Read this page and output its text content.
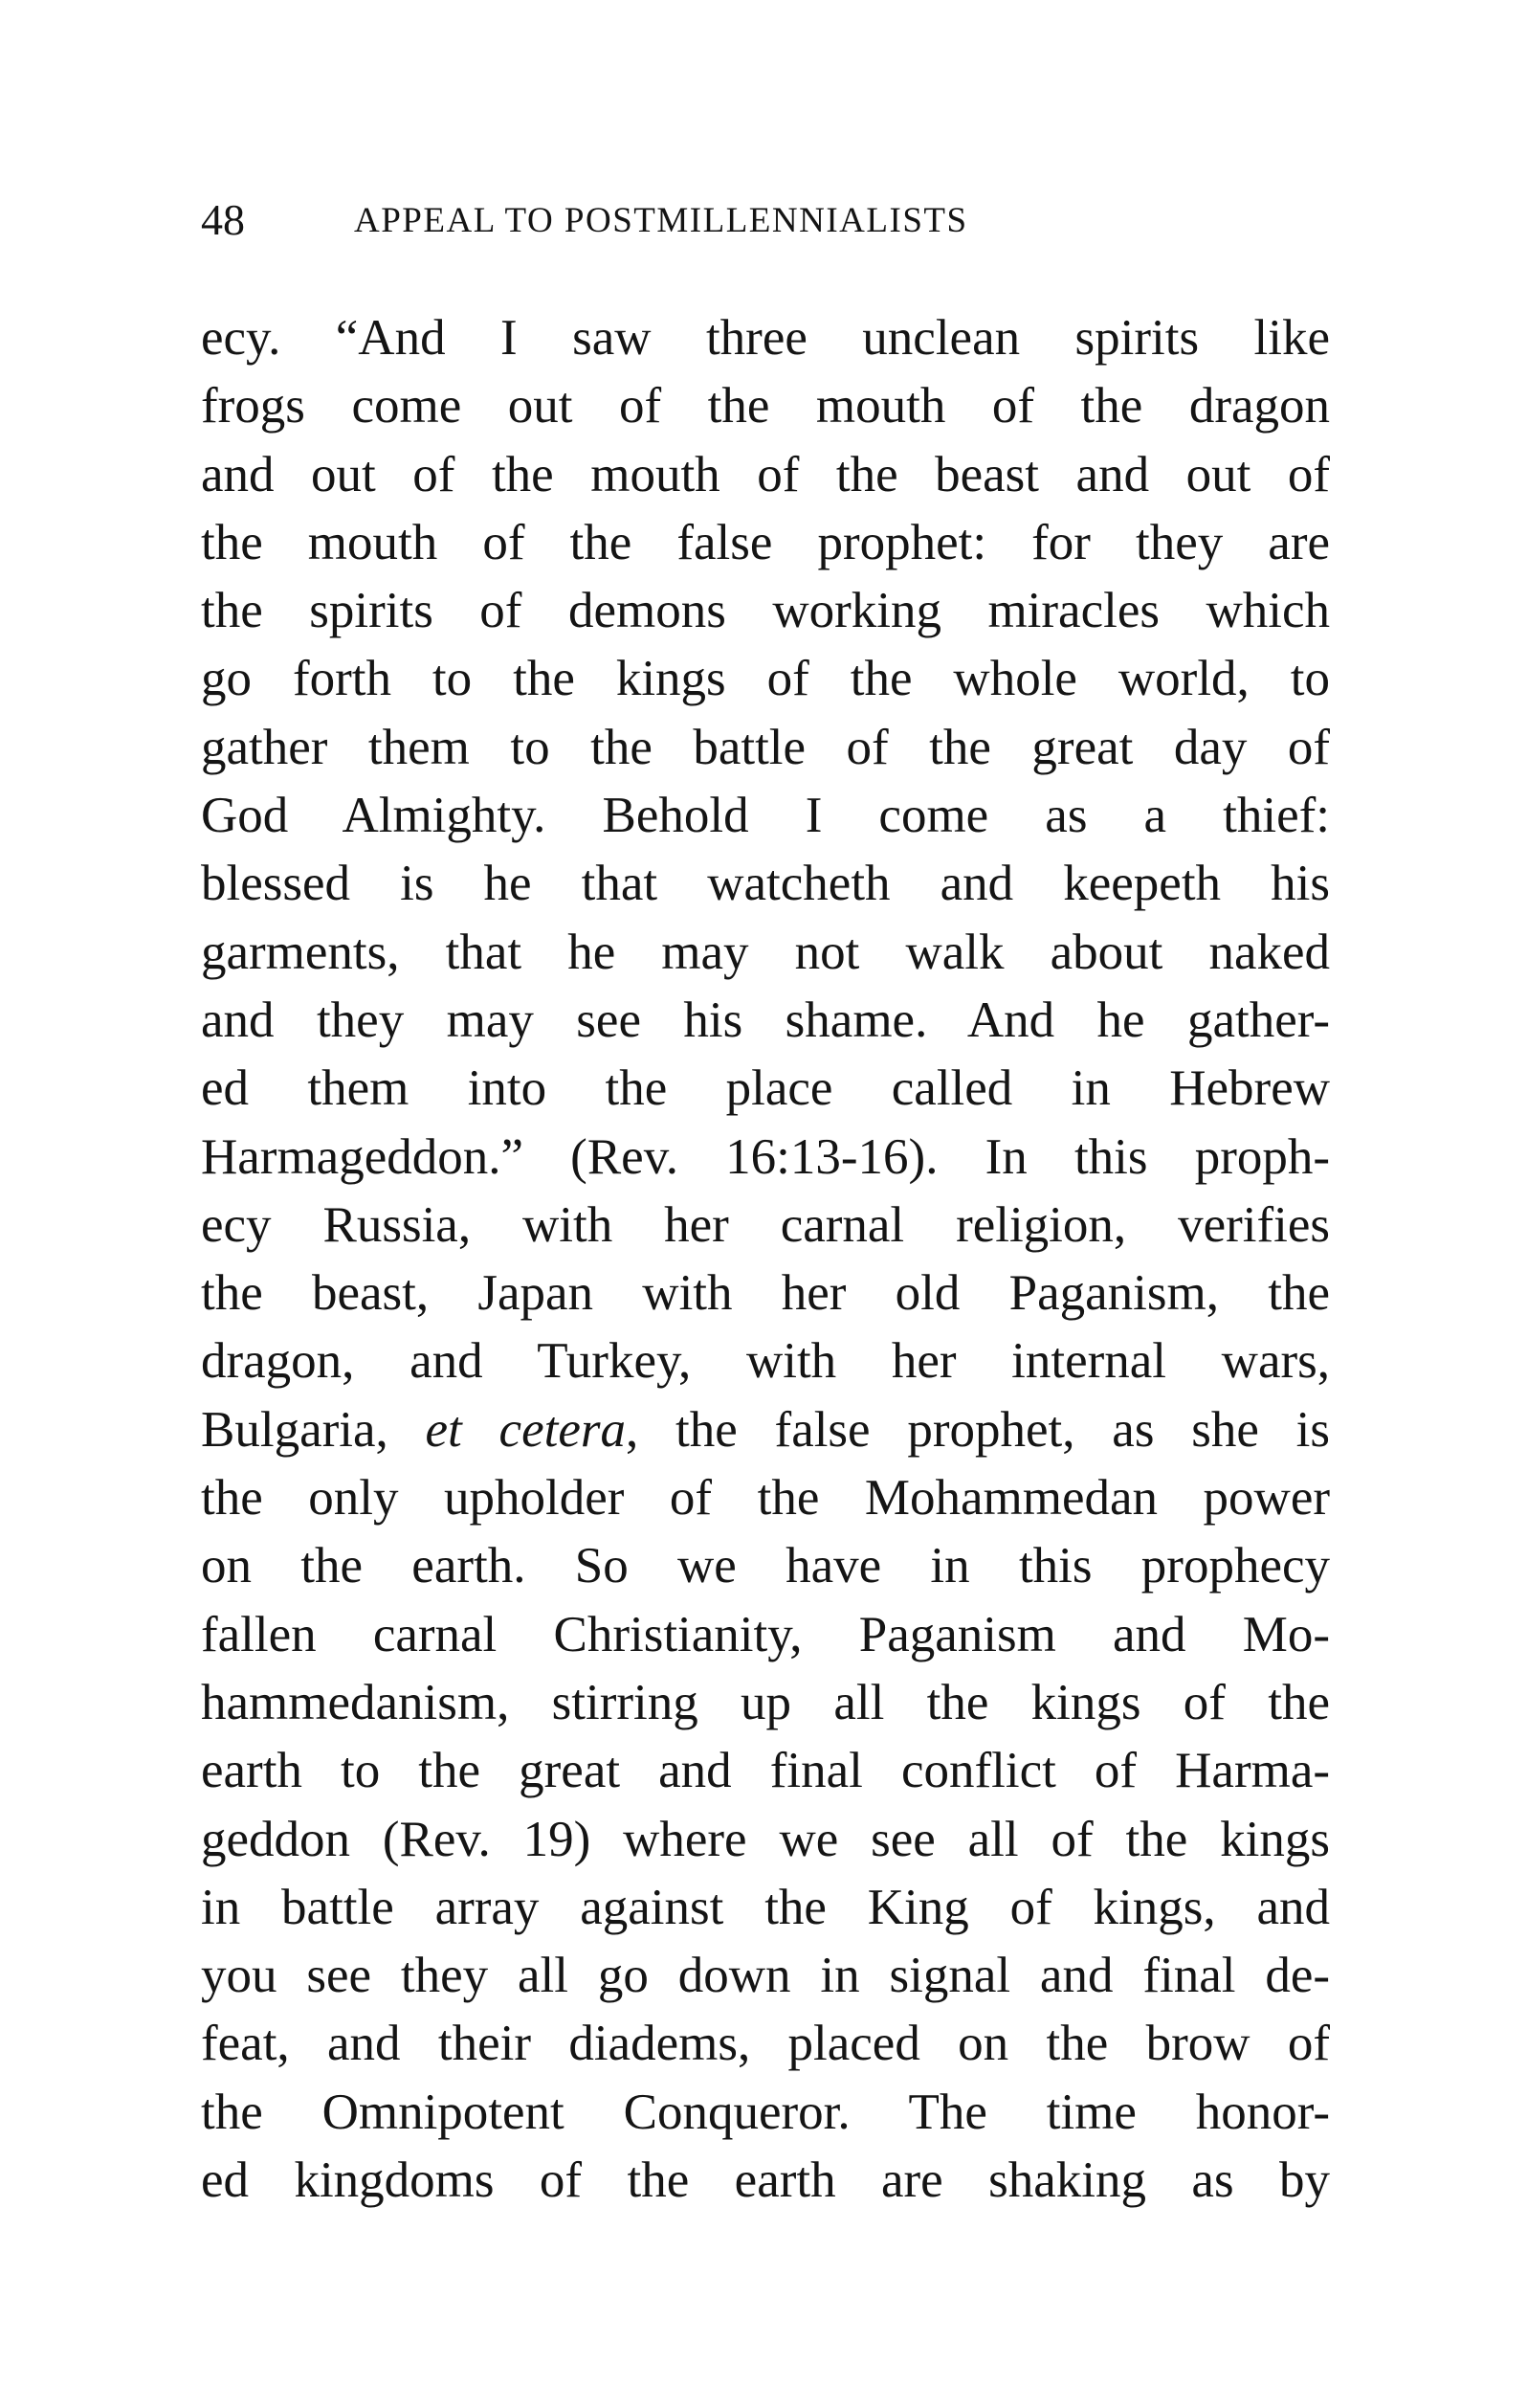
48	APPEAL TO POSTMILLENNIALISTS
ecy. “And I saw three unclean spirits like
frogs come out of the mouth of the dragon
and out of the mouth of the beast and out of
the mouth of the false prophet: for they are
the spirits of demons working miracles which
go forth to the kings of the whole world, to
gather them to the battle of the great day of
God Almighty. Behold I come as a thief:
blessed is he that watcheth and keepeth his
garments, that he may not walk about naked
and they may see his shame. And he gather-
ed them into the place called in Hebrew
Harmageddon.” (Rev. 16:13-16). In this proph-
ecy Russia, with her carnal religion, verifies
the beast, Japan with her old Paganism, the
dragon, and Turkey, with her internal wars,
Bulgaria, et cetera, the false prophet, as she is
the only upholder of the Mohammedan power
on the earth. So we have in this prophecy
fallen carnal Christianity, Paganism and Mo-
hammedanism, stirring up all the kings of the
earth to the great and final conflict of Harma-
geddon (Rev. 19) where we see all of the kings
in battle array against the King of kings, and
you see they all go down in signal and final de-
feat, and their diadems, placed on the brow of
the Omnipotent Conqueror. The time honor-
ed kingdoms of the earth are shaking as by
